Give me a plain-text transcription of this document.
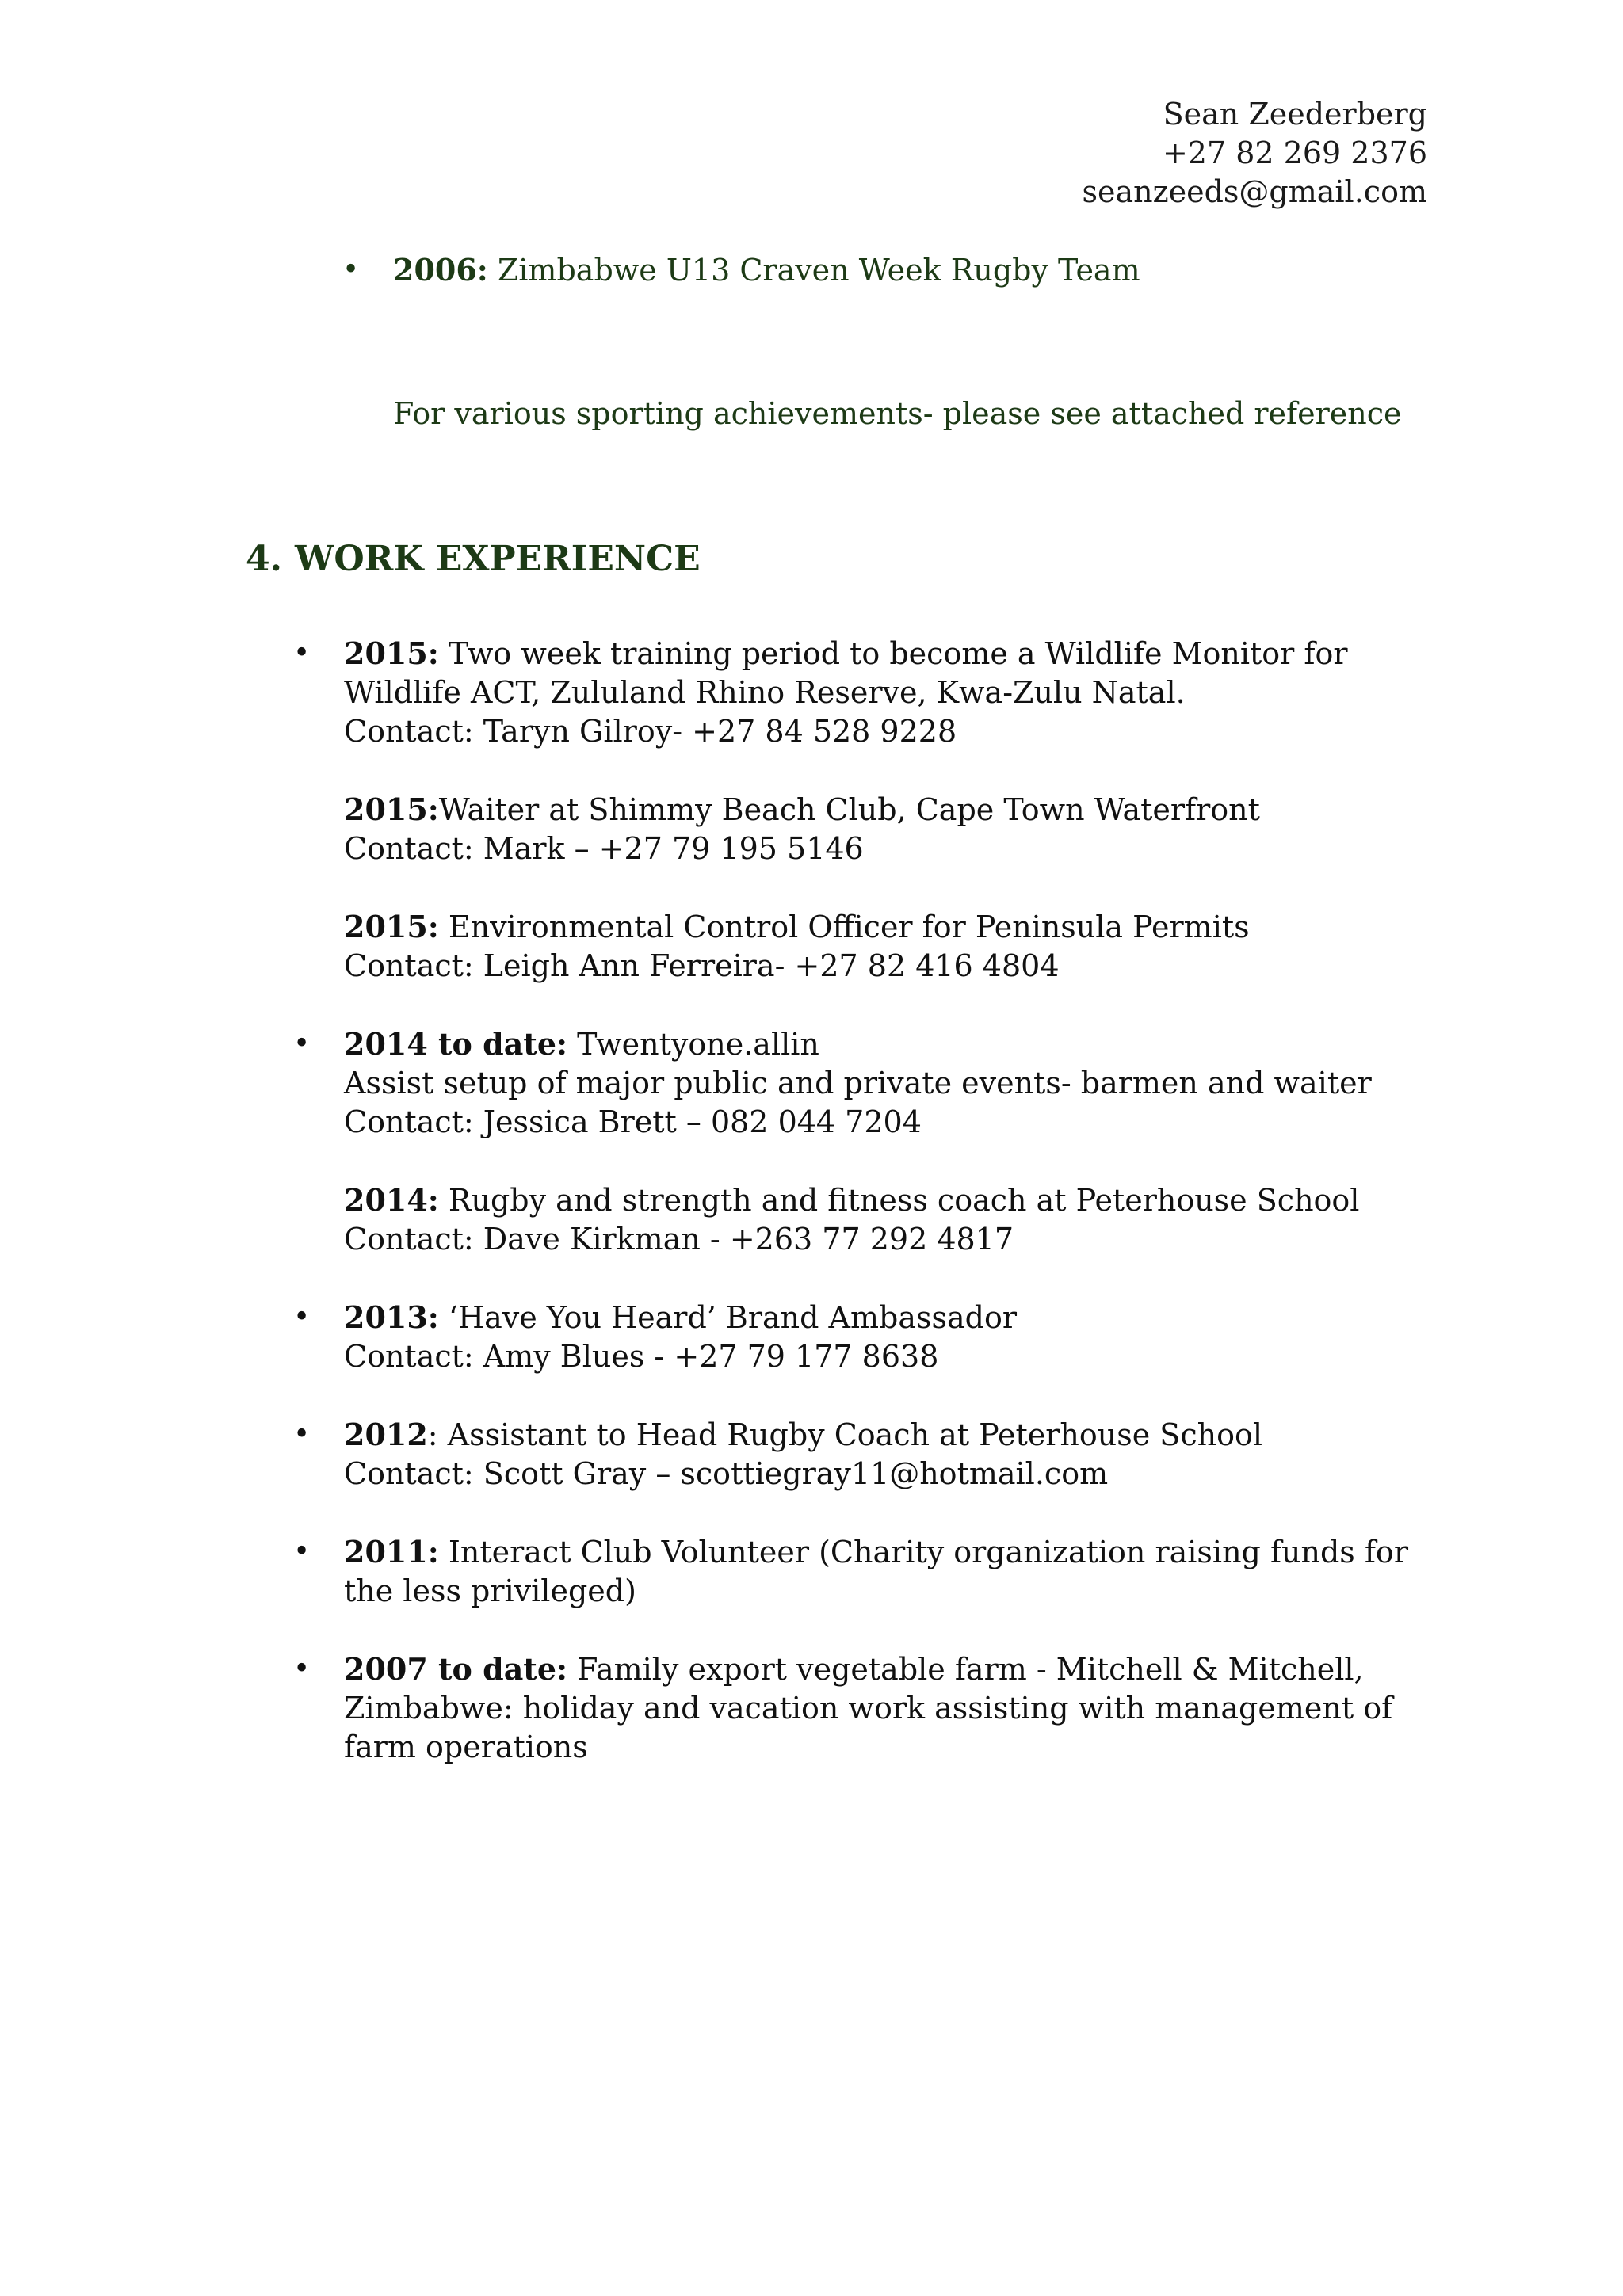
Sean Zeederberg
+27 82 269 2376
seanzeeds@gmail.com
•	2006: Zimbabwe U13 Craven Week Rugby Team
For various sporting achievements- please see attached reference
4. WORK EXPERIENCE
• 2015: Two week training period to become a Wildlife Monitor for Wildlife ACT, Zululand Rhino Reserve, Kwa-Zulu Natal.
Contact: Taryn Gilroy- +27 84 528 9228
2015:Waiter at Shimmy Beach Club, Cape Town Waterfront
Contact: Mark – +27 79 195 5146
2015: Environmental Control Officer for Peninsula Permits
Contact: Leigh Ann Ferreira- +27 82 416 4804
• 2014 to date: Twentyone.allin
Assist setup of major public and private events- barmen and waiter
Contact: Jessica Brett – 082 044 7204
2014: Rugby and strength and fitness coach at Peterhouse School
Contact: Dave Kirkman - +263 77 292 4817
• 2013: ‘Have You Heard’ Brand Ambassador
Contact: Amy Blues - +27 79 177 8638
• 2012: Assistant to Head Rugby Coach at Peterhouse School
Contact: Scott Gray – scottiegray11@hotmail.com
• 2011: Interact Club Volunteer (Charity organization raising funds for the less privileged)
• 2007 to date: Family export vegetable farm - Mitchell & Mitchell, Zimbabwe: holiday and vacation work assisting with management of farm operations
